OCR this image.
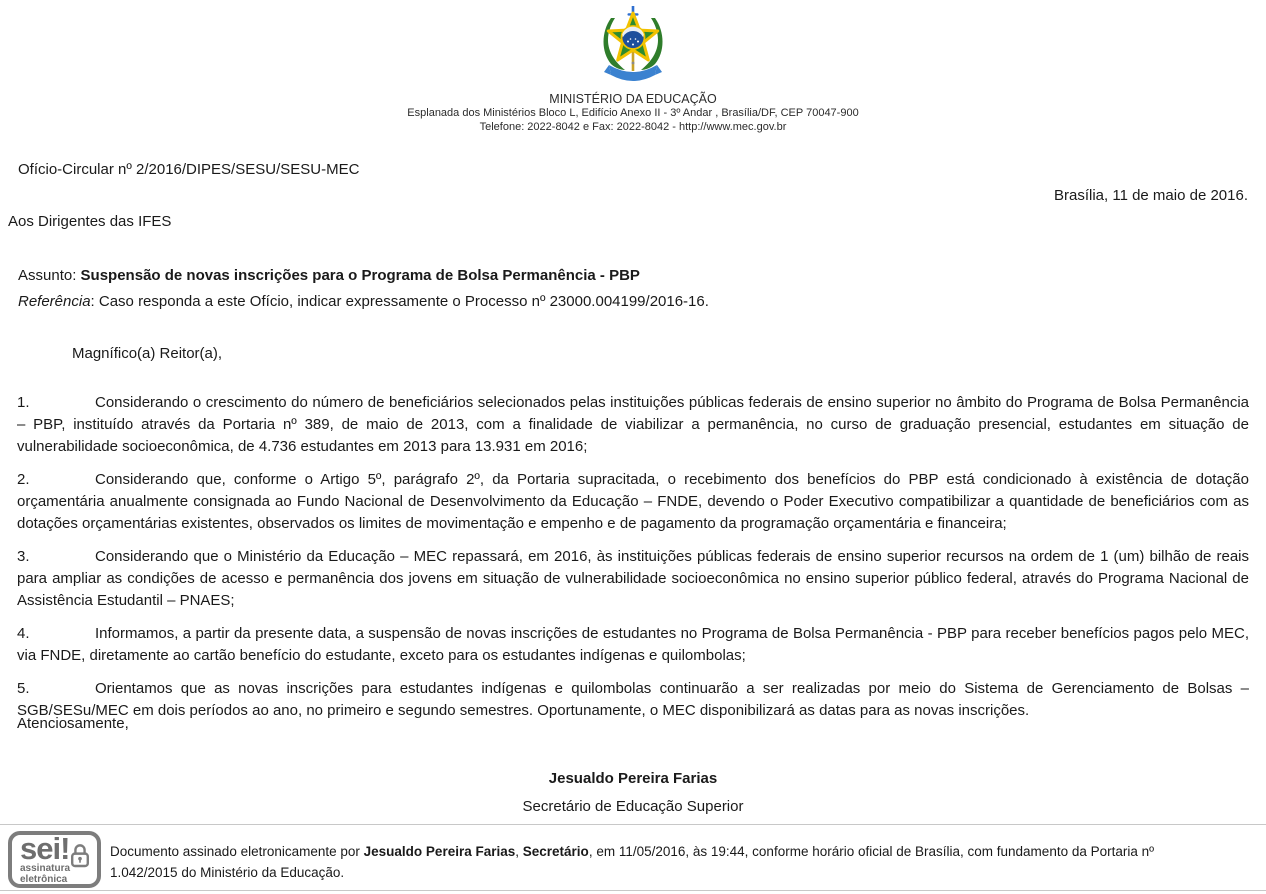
MINISTÉRIO DA EDUCAÇÃO
Esplanada dos Ministérios Bloco L, Edifício Anexo II - 3º Andar , Brasília/DF, CEP 70047-900
Telefone: 2022-8042 e Fax: 2022-8042 - http://www.mec.gov.br
Ofício-Circular nº 2/2016/DIPES/SESU/SESU-MEC
Brasília, 11 de maio de 2016.
Aos Dirigentes das IFES
Assunto: Suspensão de novas inscrições para o Programa de Bolsa Permanência - PBP
Referência: Caso responda a este Ofício, indicar expressamente o Processo nº 23000.004199/2016-16.
Magnífico(a) Reitor(a),

1.	Considerando o crescimento do número de beneficiários selecionados pelas instituições públicas federais de ensino superior no âmbito do Programa de Bolsa Permanência – PBP, instituído através da Portaria nº 389, de maio de 2013, com a finalidade de viabilizar a permanência, no curso de graduação presencial, estudantes em situação de vulnerabilidade socioeconômica, de 4.736 estudantes em 2013 para 13.931 em 2016;

2.	Considerando que, conforme o Artigo 5º, parágrafo 2º, da Portaria supracitada, o recebimento dos benefícios do PBP está condicionado à existência de dotação orçamentária anualmente consignada ao Fundo Nacional de Desenvolvimento da Educação – FNDE, devendo o Poder Executivo compatibilizar a quantidade de beneficiários com as dotações orçamentárias existentes, observados os limites de movimentação e empenho e de pagamento da programação orçamentária e financeira;

3.	Considerando que o Ministério da Educação – MEC repassará, em 2016, às instituições públicas federais de ensino superior recursos na ordem de 1 (um) bilhão de reais para ampliar as condições de acesso e permanência dos jovens em situação de vulnerabilidade socioeconômica no ensino superior público federal, através do Programa Nacional de Assistência Estudantil – PNAES;

4.	Informamos, a partir da presente data, a suspensão de novas inscrições de estudantes no Programa de Bolsa Permanência - PBP para receber benefícios pagos pelo MEC, via FNDE, diretamente ao cartão benefício do estudante, exceto para os estudantes indígenas e quilombolas;

5.	Orientamos que as novas inscrições para estudantes indígenas e quilombolas continuarão a ser realizadas por meio do Sistema de Gerenciamento de Bolsas – SGB/SESu/MEC em dois períodos ao ano, no primeiro e segundo semestres. Oportunamente, o MEC disponibilizará as datas para as novas inscrições.

Atenciosamente,
Jesualdo Pereira Farias
Secretário de Educação Superior
sei!
assinatura
eletrônica
Documento assinado eletronicamente por Jesualdo Pereira Farias, Secretário, em 11/05/2016, às 19:44, conforme horário oficial de Brasília, com fundamento da Portaria nº 1.042/2015 do Ministério da Educação.
